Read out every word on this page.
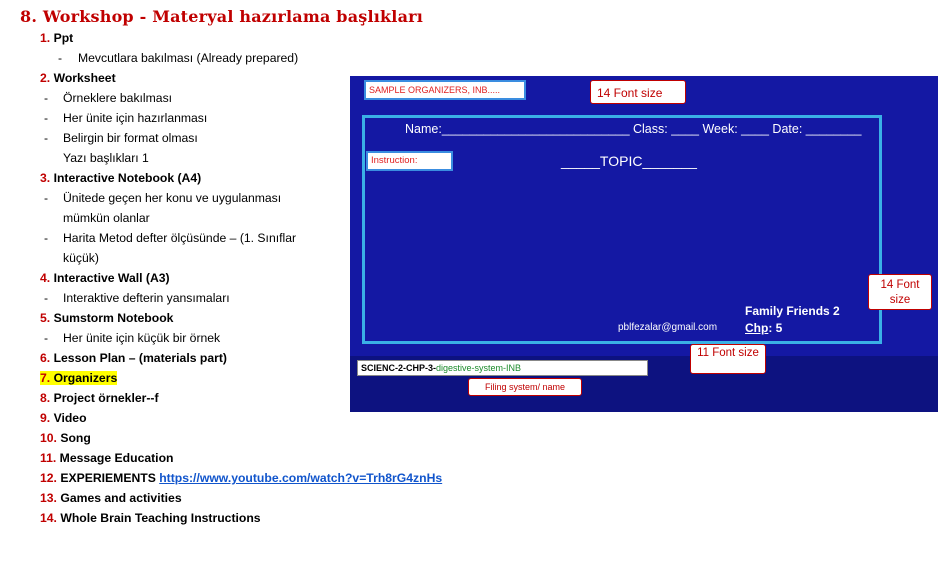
8. Workshop - Materyal hazırlama başlıkları
1. Ppt
- Mevcutlara bakılması (Already prepared)
2. Worksheet
- Örneklere bakılması
- Her ünite için hazırlanması
- Belirgin bir format olması
Yazı başlıkları 1
3. Interactive Notebook (A4)
- Ünitede geçen her konu ve uygulanması
mümkün olanlar
- Harita Metod defter ölçüsünde – (1. Sınıflar
küçük)
4. Interactive Wall (A3)
- Interaktive defterin yansımaları
5. Sumstorm Notebook
- Her ünite için küçük bir örnek
6. Lesson Plan – (materials part)
7. Organizers
8. Project örnekler--f
9. Video
10. Song
11. Message Education
12. EXPERIEMENTS https://www.youtube.com/watch?v=Trh8rG4znHs
13. Games and activities
14. Whole Brain Teaching Instructions
SAMPLE ORGANIZERS, INB.....	14 Font size
Name:___________________________ Class: ____ Week: ____ Date: ________
Instruction:	_____TOPIC_______
14 Font size
pblfezalar@gmail.com
Family Friends 2
Chp: 5
11 Font size
SCIENC-2-CHP-3-digestive-system-INB
Filing system/ name
